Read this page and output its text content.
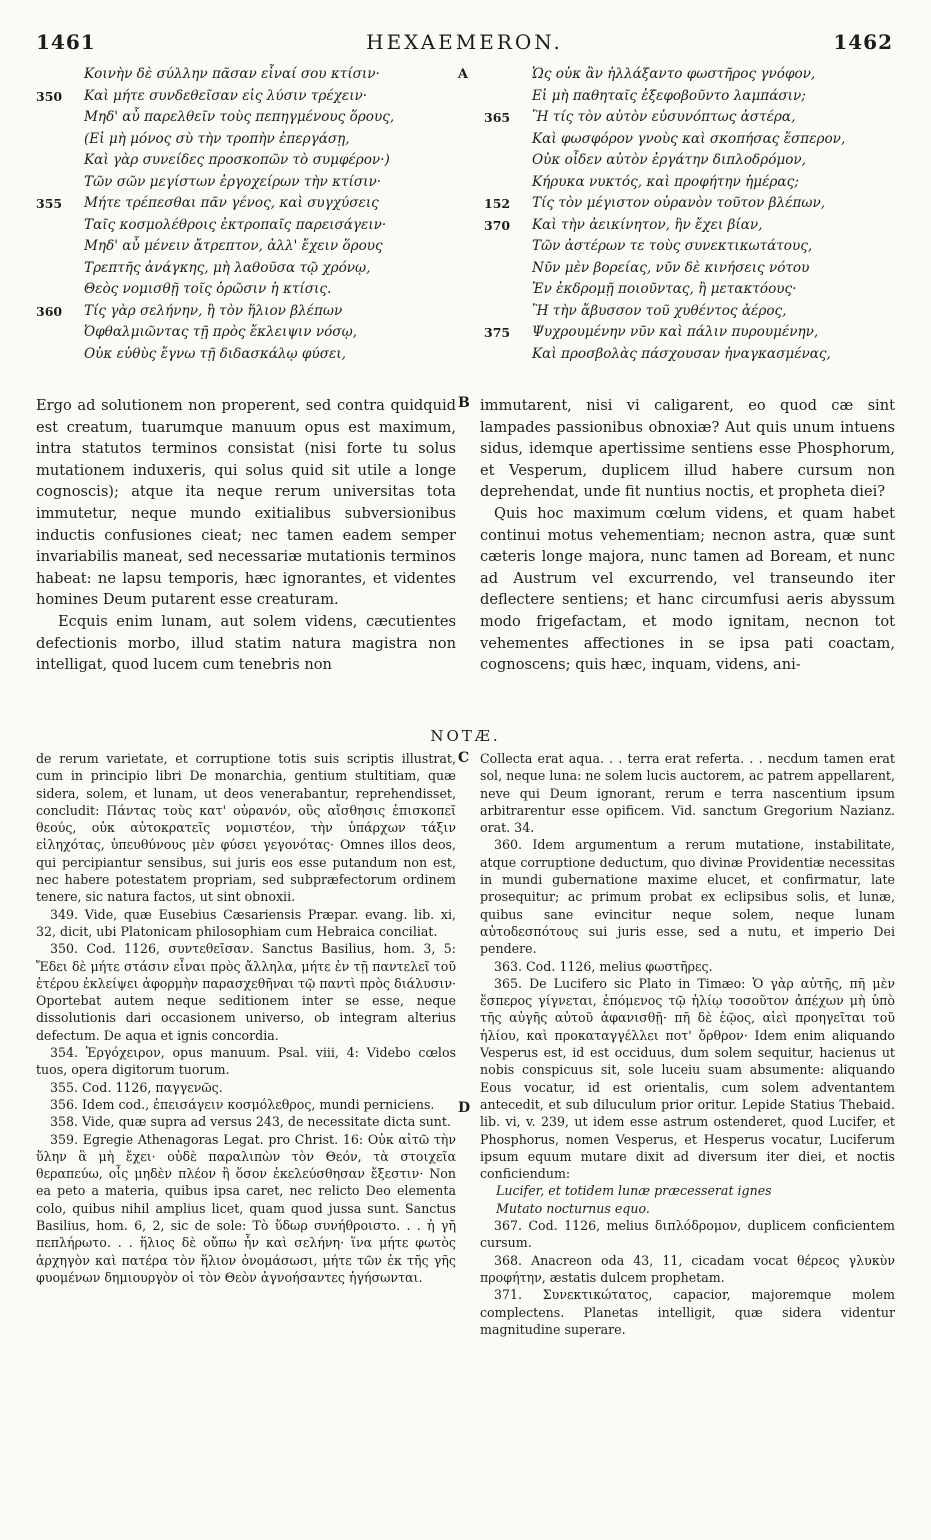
1461	HEXAEMERON.	1462
Κοινὴν δὲ σύλλην πᾶσαν εἶναί σου κτίσιν·	A
350	Καὶ μήτε συνδεθεῖσαν εἰς λύσιν τρέχειν·
Μηδ' αὖ παρελθεῖν τοὺς πεπηγμένους ὅρους,
(Εἰ μὴ μόνος σὺ τὴν τροπὴν ἐπεργάσῃ,
Καὶ γὰρ συνείδες προσκοπῶν τὸ συμφέρον·)
Τῶν σῶν μεγίστων ἐργοχείρων τὴν κτίσιν·
355	Μήτε τρέπεσθαι πᾶν γένος, καὶ συγχύσεις
Ταῖς κοσμολέθροις ἐκτροπαῖς παρεισάγειν·
Μηδ' αὖ μένειν ἄτρεπτον, ἀλλ' ἔχειν ὅρους
Τρεπτῆς ἀνάγκης, μὴ λαθοῦσα τῷ χρόνῳ,
Θεὸς νομισθῇ τοῖς ὁρῶσιν ἡ κτίσις.
360	Τίς γὰρ σελήνην, ἢ τὸν ἥλιον βλέπων
Ὀφθαλμιῶντας τῇ πρὸς ἔκλειψιν νόσῳ,
Οὐκ εὐθὺς ἔγνω τῇ διδασκάλῳ φύσει,
Ὡς οὐκ ἂν ἠλλάξαντο φωστῆρος γνόφον,
Εἰ μὴ παθηταῖς ἐξεφοβοῦντο λαμπάσιν;
365	Ἢ τίς τὸν αὐτὸν εὐσυνόπτως ἀστέρα,
Καὶ φωσφόρον γνοὺς καὶ σκοπήσας ἕσπερον,
Οὐκ οἶδεν αὐτὸν ἐργάτην διπλοδρόμον,
Κήρυκα νυκτός, καὶ προφήτην ἡμέρας;
152	Τίς τὸν μέγιστον οὐρανὸν τοῦτον βλέπων,
370	Καὶ τὴν ἀεικίνητον, ἣν ἔχει βίαν,
Τῶν ἀστέρων τε τοὺς συνεκτικωτάτους,
Νῦν μὲν βορείας, νῦν δὲ κινήσεις νότου
Ἐν ἐκδρομῇ ποιοῦντας, ἢ μετακτόους·
Ἢ τὴν ἄβυσσον τοῦ χυθέντος ἀέρος,
375	Ψυχρουμένην νῦν καὶ πάλιν πυρουμένην,
Καὶ προσβολὰς πάσχουσαν ἠναγκασμένας,

Ergo ad solutionem non properent, sed contra quidquid est creatum, tuarumque manuum opus est maximum, intra statutos terminos consistat (nisi forte tu solus mutationem induxeris, qui solus quid sit utile a longe cognoscis); atque ita neque rerum universitas tota immutetur, neque mundo exitialibus subversionibus inductis confusiones cieat; nec tamen eadem semper invariabilis maneat, sed necessariæ mutationis terminos habeat: ne lapsu temporis, hæc ignorantes, et videntes homines Deum putarent esse creaturam.

Ecquis enim lunam, aut solem videns, cæcutientes defectionis morbo, illud statim natura magistra non intelligat, quod lucem cum tenebris non

B immutarent, nisi vi caligarent, eo quod cæ sint lampades passionibus obnoxiæ? Aut quis unum intuens sidus, idemque apertissime sentiens esse Phosphorum, et Vesperum, duplicem illud habere cursum non deprehendat, unde fit nuntius noctis, et propheta diei?

Quis hoc maximum cœlum videns, et quam habet continui motus vehementiam; necnon astra, quæ sunt cæteris longe majora, nunc tamen ad Boream, et nunc ad Austrum vel excurrendo, vel transeundo iter deflectere sentiens; et hanc circumfusi aeris abyssum modo frigefactam, et modo ignitam, necnon tot vehementes affectiones in se ipsa pati coactam, cognoscens; quis hæc, inquam, videns, ani-

NOTÆ.
C
D

de rerum varietate, et corruptione totis suis scriptis illustrat, cum in principio libri De monarchia, gentium stultitiam, quæ sidera, solem, et lunam, ut deos venerabantur, reprehendisset, concludit: Πάντας τοὺς κατ' οὐρανόν, οὓς αἴσθησις ἐπισκοπεῖ θεούς, οὐκ αὐτοκρατεῖς νομιστέον, τὴν ὑπάρχων τάξιν εἰληχότας, ὑπευθύνους μὲν φύσει γεγονότας· Omnes illos deos, qui percipiantur sensibus, sui juris eos esse putandum non est, nec habere potestatem propriam, sed subpræfectorum ordinem tenere, sic natura factos, ut sint obnoxii.

349. Vide, quæ Eusebius Cæsariensis Præpar. evang. lib. xi, 32, dicit, ubi Platonicam philosophiam cum Hebraica conciliat.

350. Cod. 1126, συντεθεῖσαν. Sanctus Basilius, hom. 3, 5: Ἔδει δὲ μήτε στάσιν εἶναι πρὸς ἄλληλα, μήτε ἐν τῇ παντελεῖ τοῦ ἑτέρου ἐκλείψει ἀφορμὴν παρασχεθῆναι τῷ παντὶ πρὸς διάλυσιν· Oportebat autem neque seditionem inter se esse, neque dissolutionis dari occasionem universo, ob integram alterius defectum. De aqua et ignis concordia.

354. Ἐργόχειρον, opus manuum. Psal. viii, 4: Videbo cœlos tuos, opera digitorum tuorum.

355. Cod. 1126, παγγενῶς.

356. Idem cod., ἐπεισάγειν κοσμόλεθρος, mundi perniciens.

358. Vide, quæ supra ad versus 243, de necessitate dicta sunt.

359. Egregie Athenagoras Legat. pro Christ. 16: Οὐκ αἰτῶ τὴν ὕλην ἃ μὴ ἔχει· οὐδὲ παραλιπὼν τὸν Θεόν, τὰ στοιχεῖα θεραπεύω, οἷς μηδὲν πλέον ἢ ὅσον ἐκελεύσθησαν ἔξεστιν· Non ea peto a materia, quibus ipsa caret, nec relicto Deo elementa colo, quibus nihil amplius licet, quam quod jussa sunt. Sanctus Basilius, hom. 6, 2, sic de sole: Τὸ ὕδωρ συνήθροιστο. . . ἡ γῆ πεπλήρωτο. . . ἥλιος δὲ οὔπω ἦν καὶ σελήνη· ἵνα μήτε φωτὸς ἀρχηγὸν καὶ πατέρα τὸν ἥλιον ὀνομάσωσι, μήτε τῶν ἐκ τῆς γῆς φυομένων δημιουργὸν οἱ τὸν Θεὸν ἀγνοήσαντες ἡγήσωνται.

Collecta erat aqua. . . terra erat referta. . . necdum tamen erat sol, neque luna: ne solem lucis auctorem, ac patrem appellarent, neve qui Deum ignorant, rerum e terra nascentium ipsum arbitrarentur esse opificem. Vid. sanctum Gregorium Nazianz. orat. 34.

360. Idem argumentum a rerum mutatione, instabilitate, atque corruptione deductum, quo divinæ Providentiæ necessitas in mundi gubernatione maxime elucet, et confirmatur, late prosequitur; ac primum probat ex eclipsibus solis, et lunæ, quibus sane evincitur neque solem, neque lunam αὐτοδεσπότους sui juris esse, sed a nutu, et imperio Dei pendere.

363. Cod. 1126, melius φωστῆρες.

365. De Lucifero sic Plato in Timæo: Ὁ γὰρ αὐτῆς, πῆ μὲν ἕσπερος γίγνεται, ἐπόμενος τῷ ἡλίῳ τοσοῦτον ἀπέχων μὴ ὑπὸ τῆς αὐγῆς αὐτοῦ ἀφανισθῇ· πῆ δὲ ἑῷος, αἰεὶ προηγεῖται τοῦ ἡλίου, καὶ προκαταγγέλλει ποτ' ὄρθρον· Idem enim aliquando Vesperus est, id est occiduus, dum solem sequitur, hacienus ut nobis conspicuus sit, sole luceiu suam absumente: aliquando Eous vocatur, id est orientalis, cum solem adventantem antecedit, et sub diluculum prior oritur. Lepide Statius Thebaid. lib. vi, v. 239, ut idem esse astrum ostenderet, quod Lucifer, et Phosphorus, nomen Vesperus, et Hesperus vocatur, Luciferum ipsum equum mutare dixit ad diversum iter diei, et noctis conficiendum:

Lucifer, et totidem lunæ præcesserat ignes

Mutato nocturnus equo.

367. Cod. 1126, melius διπλόδρομον, duplicem conficientem cursum.

368. Anacreon oda 43, 11, cicadam vocat θέρεος γλυκὺν προφήτην, æstatis dulcem prophetam.

371. Συνεκτικώτατος, capacior, majoremque molem complectens. Planetas intelligit, quæ sidera videntur magnitudine superare.
